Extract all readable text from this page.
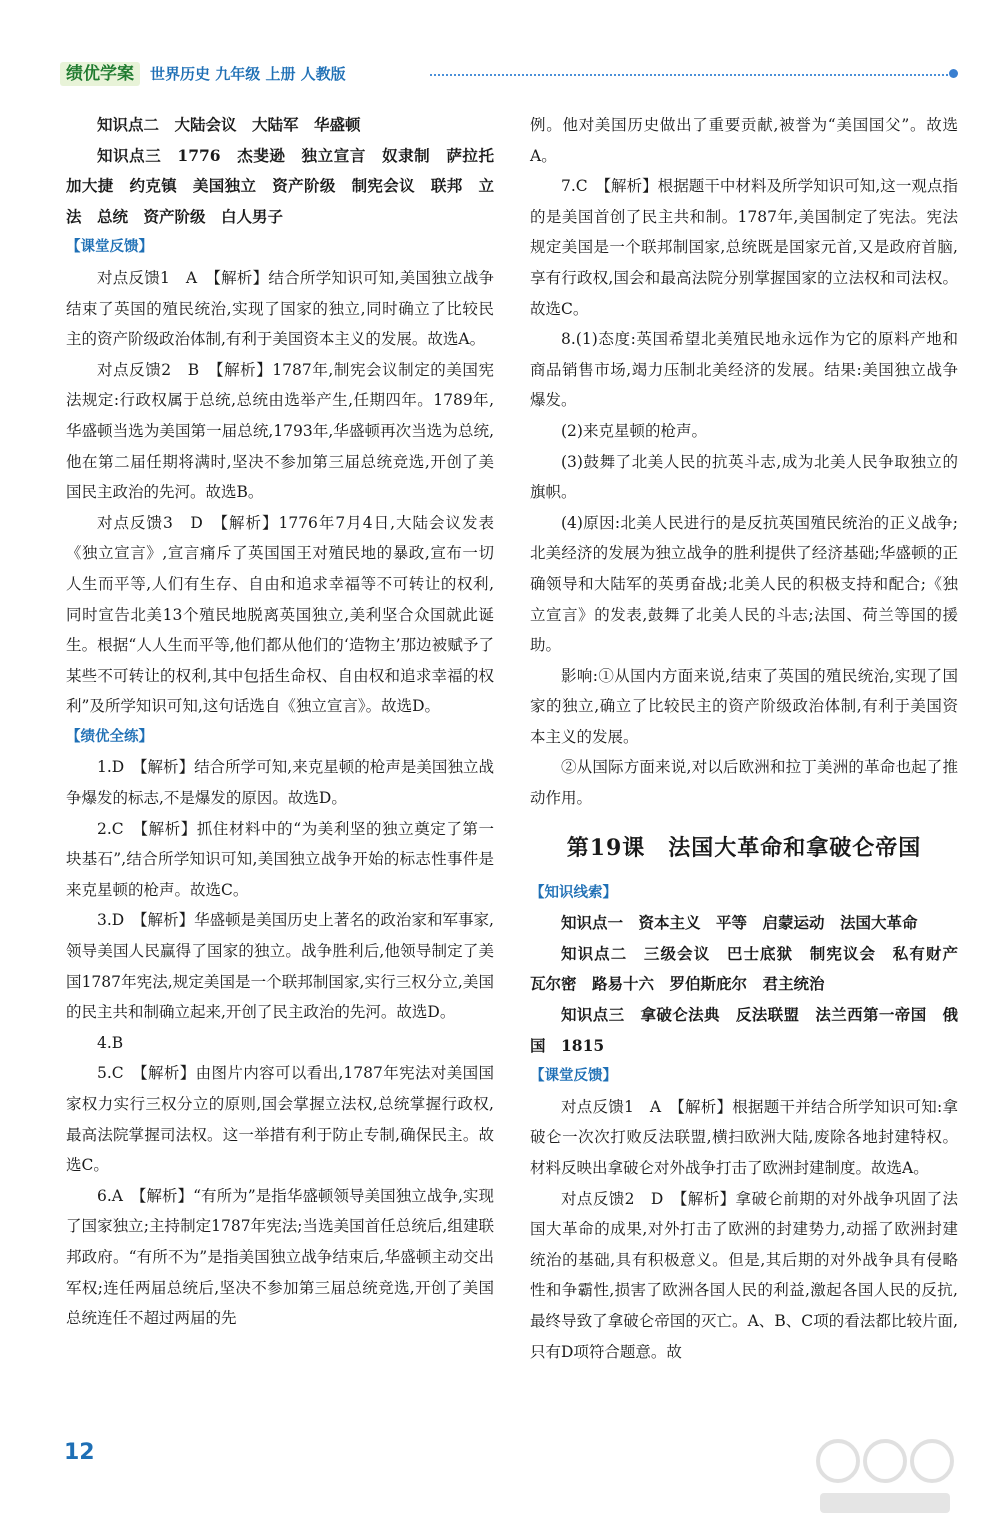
绩优学案	世界历史 九年级 上册 人教版

知识点二　大陆会议　大陆军　华盛顿

知识点三　1776　杰斐逊　独立宣言　奴隶制　萨拉托加大捷　约克镇　美国独立　资产阶级　制宪会议　联邦　立法　总统　资产阶级　白人男子

【课堂反馈】

对点反馈1　A　【解析】结合所学知识可知,美国独立战争结束了英国的殖民统治,实现了国家的独立,同时确立了比较民主的资产阶级政治体制,有利于美国资本主义的发展。故选A。

对点反馈2　B　【解析】1787年,制宪会议制定的美国宪法规定:行政权属于总统,总统由选举产生,任期四年。1789年,华盛顿当选为美国第一届总统,1793年,华盛顿再次当选为总统,他在第二届任期将满时,坚决不参加第三届总统竞选,开创了美国民主政治的先河。故选B。

对点反馈3　D　【解析】1776年7月4日,大陆会议发表《独立宣言》,宣言痛斥了英国国王对殖民地的暴政,宣布一切人生而平等,人们有生存、自由和追求幸福等不可转让的权利,同时宣告北美13个殖民地脱离英国独立,美利坚合众国就此诞生。根据“人人生而平等,他们都从他们的‘造物主’那边被赋予了某些不可转让的权利,其中包括生命权、自由权和追求幸福的权利”及所学知识可知,这句话选自《独立宣言》。故选D。

【绩优全练】

1.D　【解析】结合所学可知,来克星顿的枪声是美国独立战争爆发的标志,不是爆发的原因。故选D。

2.C　【解析】抓住材料中的“为美利坚的独立奠定了第一块基石”,结合所学知识可知,美国独立战争开始的标志性事件是来克星顿的枪声。故选C。

3.D　【解析】华盛顿是美国历史上著名的政治家和军事家,领导美国人民赢得了国家的独立。战争胜利后,他领导制定了美国1787年宪法,规定美国是一个联邦制国家,实行三权分立,美国的民主共和制确立起来,开创了民主政治的先河。故选D。

4.B

5.C　【解析】由图片内容可以看出,1787年宪法对美国国家权力实行三权分立的原则,国会掌握立法权,总统掌握行政权,最高法院掌握司法权。这一举措有利于防止专制,确保民主。故选C。

6.A　【解析】“有所为”是指华盛顿领导美国独立战争,实现了国家独立;主持制定1787年宪法;当选美国首任总统后,组建联邦政府。“有所不为”是指美国独立战争结束后,华盛顿主动交出军权;连任两届总统后,坚决不参加第三届总统竞选,开创了美国总统连任不超过两届的先

例。他对美国历史做出了重要贡献,被誉为“美国国父”。故选A。

7.C　【解析】根据题干中材料及所学知识可知,这一观点指的是美国首创了民主共和制。1787年,美国制定了宪法。宪法规定美国是一个联邦制国家,总统既是国家元首,又是政府首脑,享有行政权,国会和最高法院分别掌握国家的立法权和司法权。故选C。

8.(1)态度:英国希望北美殖民地永远作为它的原料产地和商品销售市场,竭力压制北美经济的发展。结果:美国独立战争爆发。

(2)来克星顿的枪声。

(3)鼓舞了北美人民的抗英斗志,成为北美人民争取独立的旗帜。

(4)原因:北美人民进行的是反抗英国殖民统治的正义战争;北美经济的发展为独立战争的胜利提供了经济基础;华盛顿的正确领导和大陆军的英勇奋战;北美人民的积极支持和配合;《独立宣言》的发表,鼓舞了北美人民的斗志;法国、荷兰等国的援助。

影响:①从国内方面来说,结束了英国的殖民统治,实现了国家的独立,确立了比较民主的资产阶级政治体制,有利于美国资本主义的发展。

②从国际方面来说,对以后欧洲和拉丁美洲的革命也起了推动作用。

第19课　法国大革命和拿破仑帝国
【知识线索】

知识点一　资本主义　平等　启蒙运动　法国大革命

知识点二　三级会议　巴士底狱　制宪议会　私有财产　瓦尔密　路易十六　罗伯斯庇尔　君主统治

知识点三　拿破仑法典　反法联盟　法兰西第一帝国　俄国　1815

【课堂反馈】

对点反馈1　A　【解析】根据题干并结合所学知识可知:拿破仑一次次打败反法联盟,横扫欧洲大陆,废除各地封建特权。材料反映出拿破仑对外战争打击了欧洲封建制度。故选A。

对点反馈2　D　【解析】拿破仑前期的对外战争巩固了法国大革命的成果,对外打击了欧洲的封建势力,动摇了欧洲封建统治的基础,具有积极意义。但是,其后期的对外战争具有侵略性和争霸性,损害了欧洲各国人民的利益,激起各国人民的反抗,最终导致了拿破仑帝国的灭亡。A、B、C项的看法都比较片面,只有D项符合题意。故

12
